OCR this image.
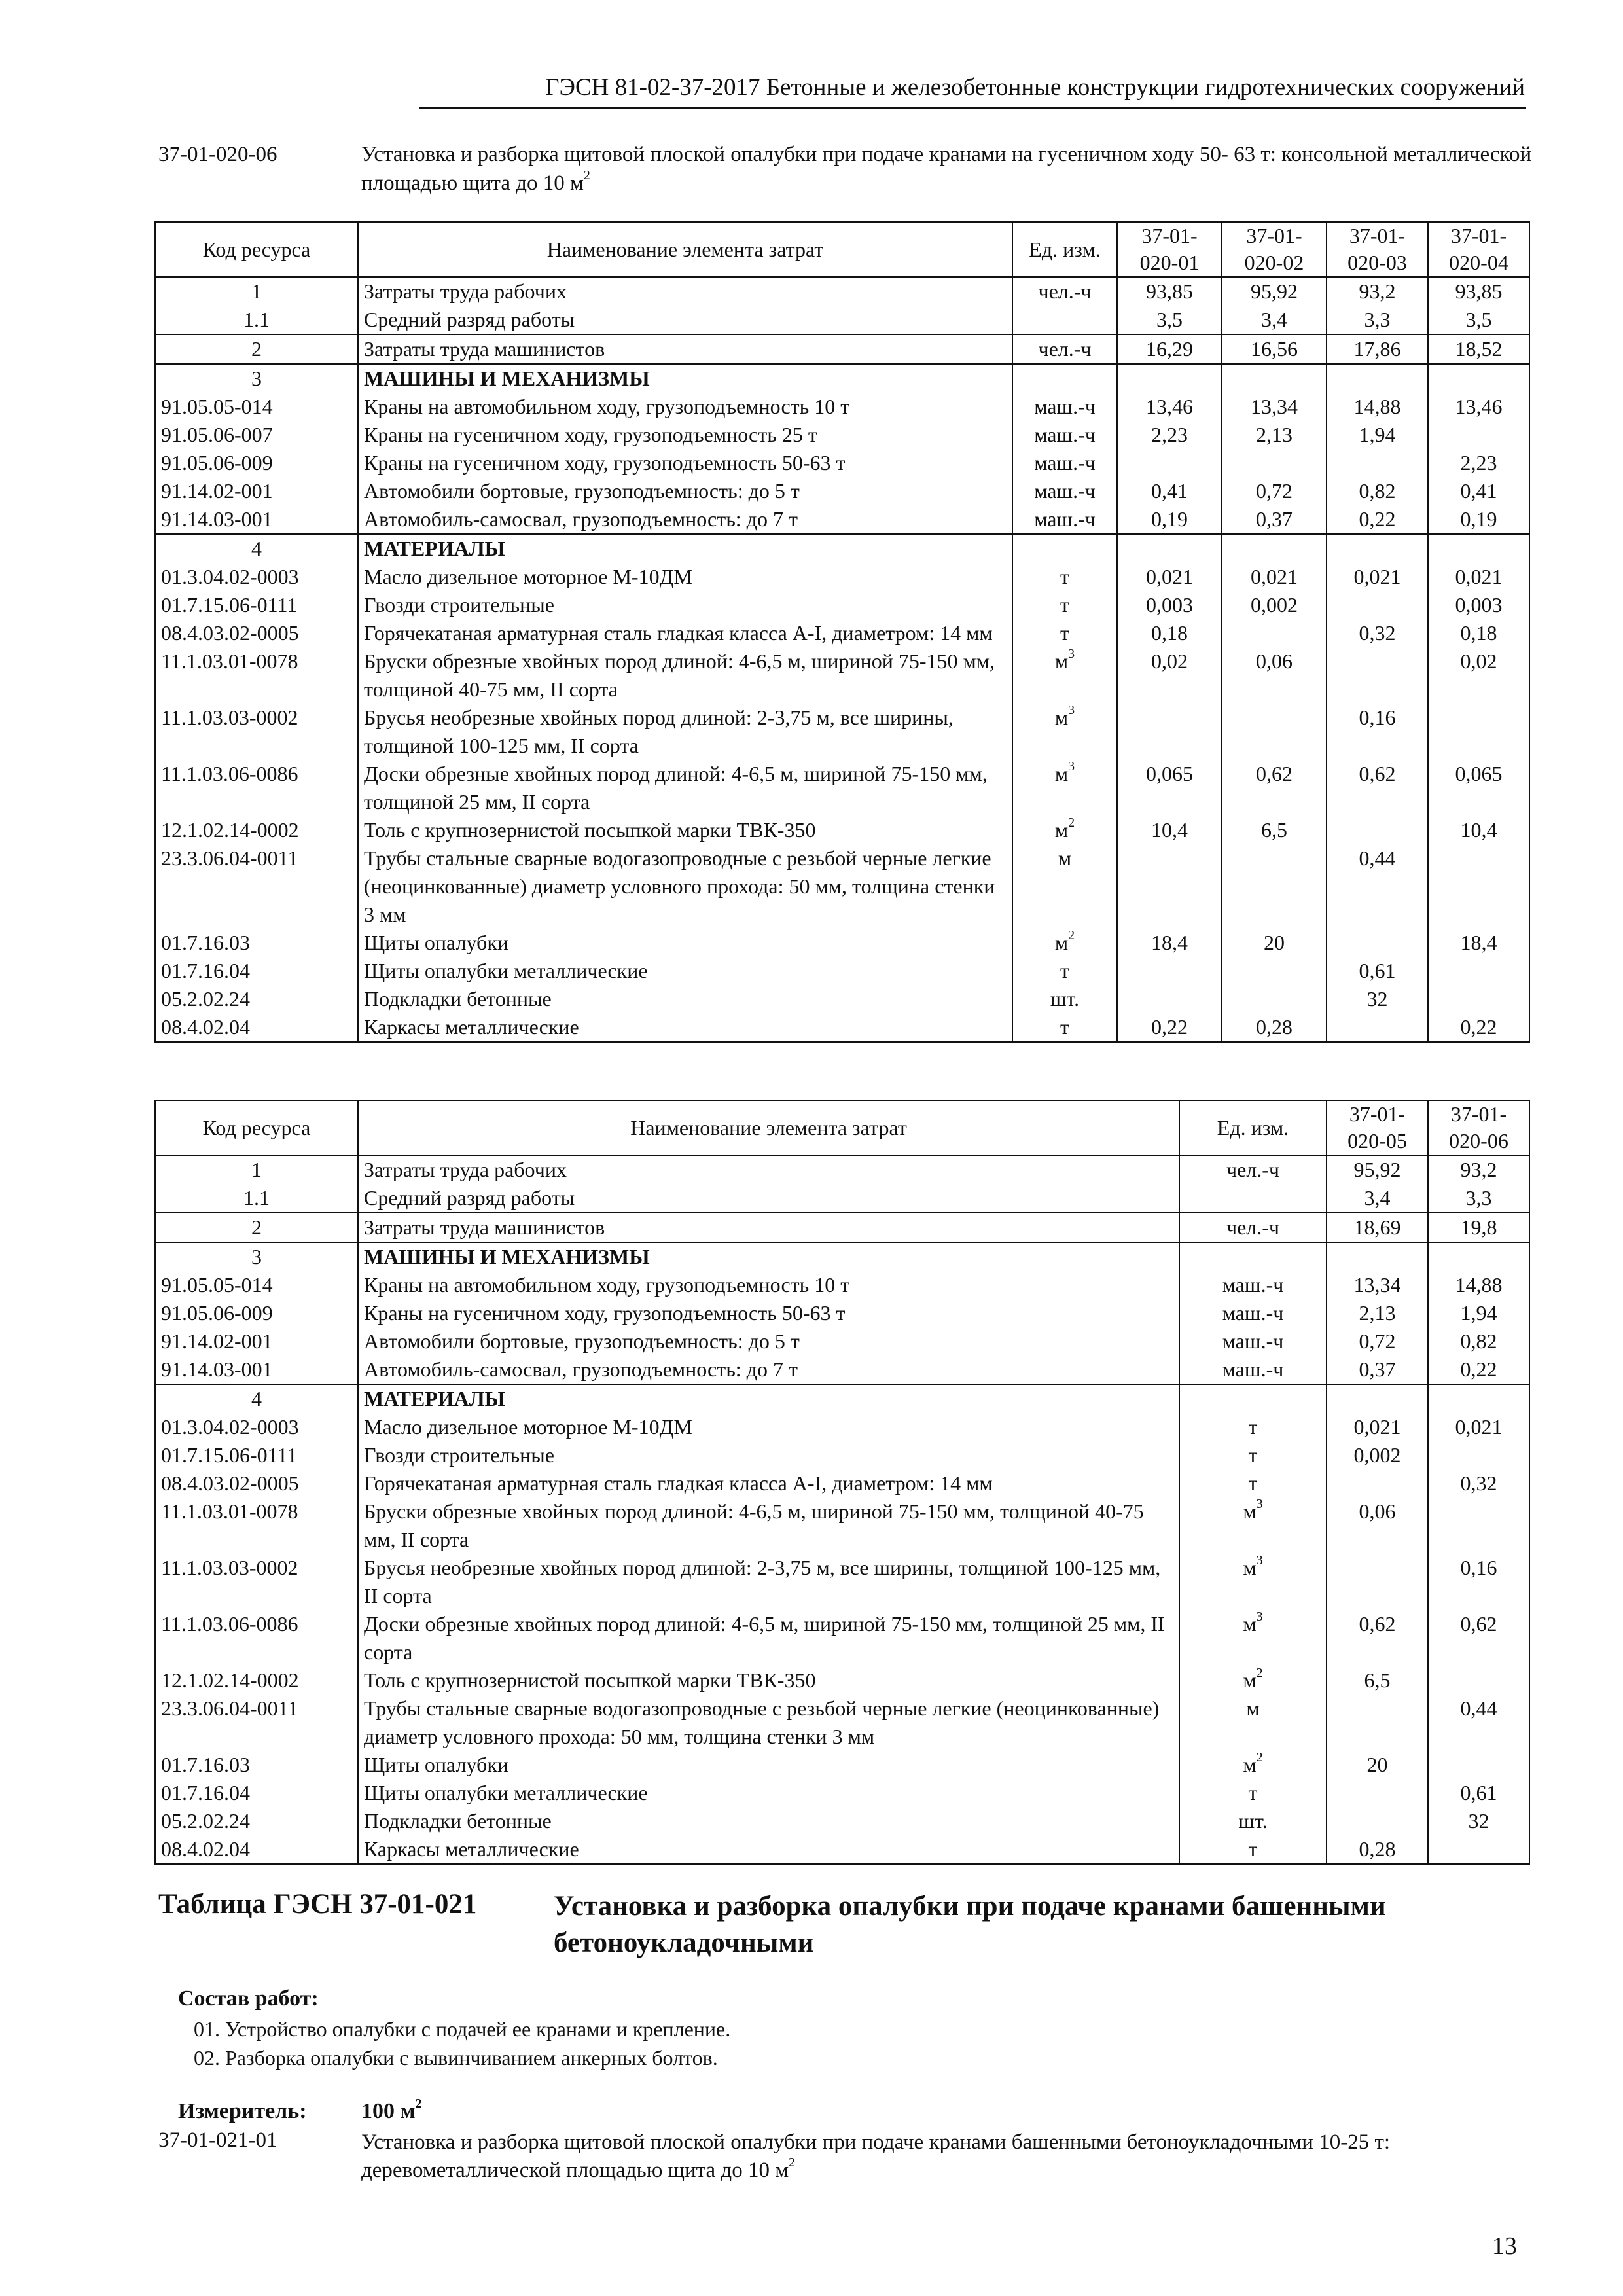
ГЭСН 81-02-37-2017 Бетонные и железобетонные конструкции гидротехнических сооружений
37-01-020-06	Установка и разборка щитовой плоской опалубки при подаче кранами на гусеничном ходу 50- 63 т: консольной металлической площадью щита до 10 $м^2$
Код ресурса	Наименование элемента затрат	Ед. изм.	37-01-020-01	37-01-020-02	37-01-020-03	37-01-020-04
1	Затраты труда рабочих	чел.-ч	93,85	95,92	93,2	93,85
1.1	Средний разряд работы		3,5	3,4	3,3	3,5
2	Затраты труда машинистов	чел.-ч	16,29	16,56	17,86	18,52
3	МАШИНЫ И МЕХАНИЗМЫ					
91.05.05-014	Краны на автомобильном ходу, грузоподъемность 10 т	маш.-ч	13,46	13,34	14,88	13,46
91.05.06-007	Краны на гусеничном ходу, грузоподъемность 25 т	маш.-ч	2,23	2,13	1,94	
91.05.06-009	Краны на гусеничном ходу, грузоподъемность 50-63 т	маш.-ч				2,23
91.14.02-001	Автомобили бортовые, грузоподъемность: до 5 т	маш.-ч	0,41	0,72	0,82	0,41
91.14.03-001	Автомобиль-самосвал, грузоподъемность: до 7 т	маш.-ч	0,19	0,37	0,22	0,19
4	МАТЕРИАЛЫ					
01.3.04.02-0003	Масло дизельное моторное М-10ДМ	т	0,021	0,021	0,021	0,021
01.7.15.06-0111	Гвозди строительные	т	0,003	0,002		0,003
08.4.03.02-0005	Горячекатаная арматурная сталь гладкая класса А-I, диаметром: 14 мм	т	0,18		0,32	0,18
11.1.03.01-0078	Бруски обрезные хвойных пород длиной: 4-6,5 м, шириной 75-150 мм, толщиной 40-75 мм, II сорта	$м^3$	0,02	0,06		0,02
11.1.03.03-0002	Брусья необрезные хвойных пород длиной: 2-3,75 м, все ширины, толщиной 100-125 мм, II сорта	$м^3$			0,16	
11.1.03.06-0086	Доски обрезные хвойных пород длиной: 4-6,5 м, шириной 75-150 мм, толщиной 25 мм, II сорта	$м^3$	0,065	0,62	0,62	0,065
12.1.02.14-0002	Толь с крупнозернистой посыпкой марки ТВК-350	$м^2$	10,4	6,5		10,4
23.3.06.04-0011	Трубы стальные сварные водогазопроводные с резьбой черные легкие (неоцинкованные) диаметр условного прохода: 50 мм, толщина стенки 3 мм	м			0,44	
01.7.16.03	Щиты опалубки	$м^2$	18,4	20		18,4
01.7.16.04	Щиты опалубки металлические	т			0,61	
05.2.02.24	Подкладки бетонные	шт.			32	
08.4.02.04	Каркасы металлические	т	0,22	0,28		0,22
Код ресурса	Наименование элемента затрат	Ед. изм.	37-01-020-05	37-01-020-06
1	Затраты труда рабочих	чел.-ч	95,92	93,2
1.1	Средний разряд работы		3,4	3,3
2	Затраты труда машинистов	чел.-ч	18,69	19,8
3	МАШИНЫ И МЕХАНИЗМЫ			
91.05.05-014	Краны на автомобильном ходу, грузоподъемность 10 т	маш.-ч	13,34	14,88
91.05.06-009	Краны на гусеничном ходу, грузоподъемность 50-63 т	маш.-ч	2,13	1,94
91.14.02-001	Автомобили бортовые, грузоподъемность: до 5 т	маш.-ч	0,72	0,82
91.14.03-001	Автомобиль-самосвал, грузоподъемность: до 7 т	маш.-ч	0,37	0,22
4	МАТЕРИАЛЫ			
01.3.04.02-0003	Масло дизельное моторное М-10ДМ	т	0,021	0,021
01.7.15.06-0111	Гвозди строительные	т	0,002	
08.4.03.02-0005	Горячекатаная арматурная сталь гладкая класса А-I, диаметром: 14 мм	т		0,32
11.1.03.01-0078	Бруски обрезные хвойных пород длиной: 4-6,5 м, шириной 75-150 мм, толщиной 40-75 мм, II сорта	$м^3$	0,06	
11.1.03.03-0002	Брусья необрезные хвойных пород длиной: 2-3,75 м, все ширины, толщиной 100-125 мм, II сорта	$м^3$		0,16
11.1.03.06-0086	Доски обрезные хвойных пород длиной: 4-6,5 м, шириной 75-150 мм, толщиной 25 мм, II сорта	$м^3$	0,62	0,62
12.1.02.14-0002	Толь с крупнозернистой посыпкой марки ТВК-350	$м^2$	6,5	
23.3.06.04-0011	Трубы стальные сварные водогазопроводные с резьбой черные легкие (неоцинкованные) диаметр условного прохода: 50 мм, толщина стенки 3 мм	м		0,44
01.7.16.03	Щиты опалубки	$м^2$	20	
01.7.16.04	Щиты опалубки металлические	т		0,61
05.2.02.24	Подкладки бетонные	шт.		32
08.4.02.04	Каркасы металлические	т	0,28	
Таблица ГЭСН 37-01-021	Установка и разборка опалубки при подаче кранами башенными бетоноукладочными
Состав работ:
01. Устройство опалубки с подачей ее кранами и крепление.
02. Разборка опалубки с вывинчиванием анкерных болтов.
Измеритель: 100 $м^2$
37-01-021-01	Установка и разборка щитовой плоской опалубки при подаче кранами башенными бетоноукладочными 10-25 т: деревометаллической площадью щита до 10 $м^2$
13
